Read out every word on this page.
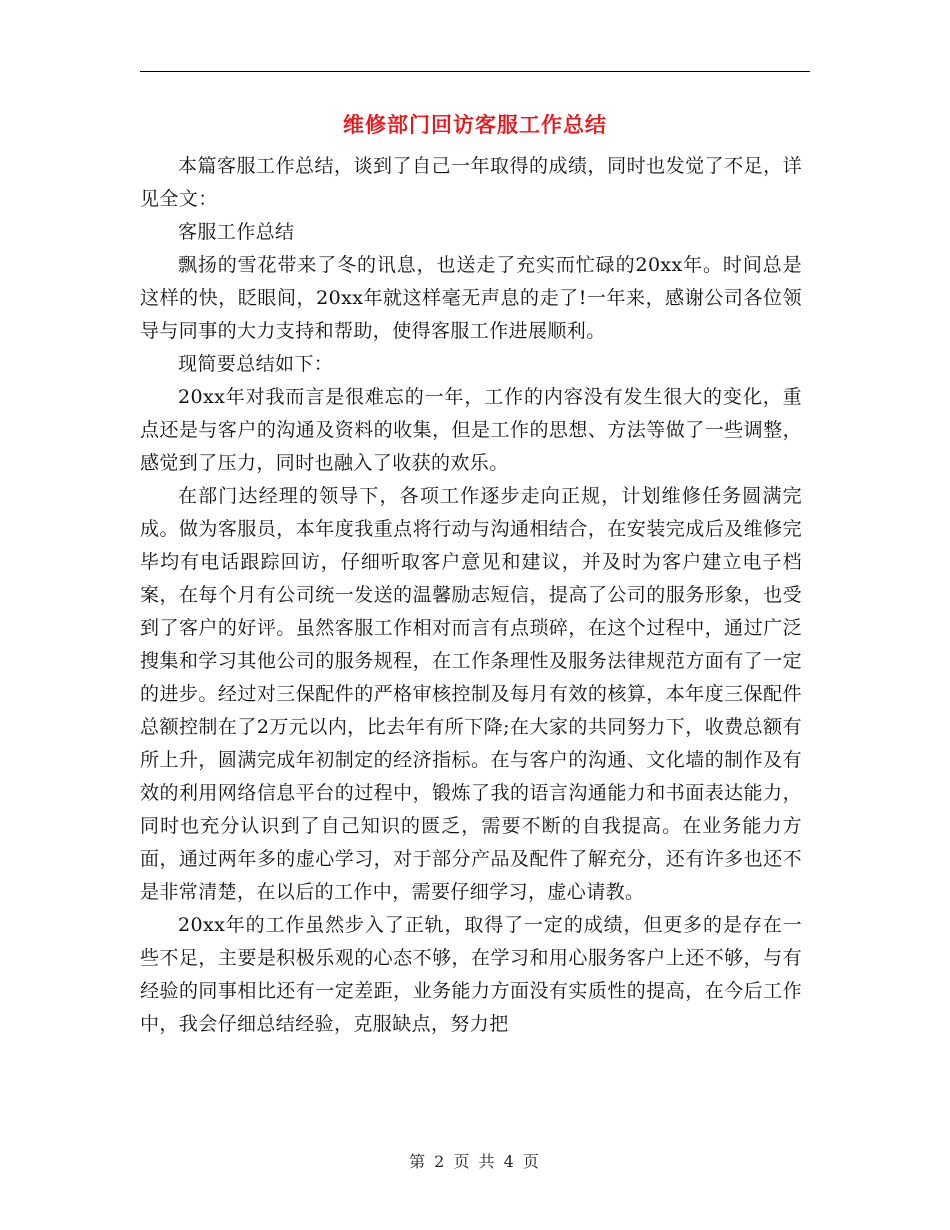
维修部门回访客服工作总结

本篇客服工作总结，谈到了自己一年取得的成绩，同时也发觉了不足，详见全文：

客服工作总结

飘扬的雪花带来了冬的讯息，也送走了充实而忙碌的20xx年。时间总是这样的快，眨眼间，20xx年就这样毫无声息的走了!一年来，感谢公司各位领导与同事的大力支持和帮助，使得客服工作进展顺利。

现简要总结如下：

20xx年对我而言是很难忘的一年，工作的内容没有发生很大的变化，重点还是与客户的沟通及资料的收集，但是工作的思想、方法等做了一些调整，感觉到了压力，同时也融入了收获的欢乐。

在部门达经理的领导下，各项工作逐步走向正规，计划维修任务圆满完成。做为客服员，本年度我重点将行动与沟通相结合，在安装完成后及维修完毕均有电话跟踪回访，仔细听取客户意见和建议，并及时为客户建立电子档案，在每个月有公司统一发送的温馨励志短信，提高了公司的服务形象，也受到了客户的好评。虽然客服工作相对而言有点琐碎，在这个过程中，通过广泛搜集和学习其他公司的服务规程，在工作条理性及服务法律规范方面有了一定的进步。经过对三保配件的严格审核控制及每月有效的核算，本年度三保配件总额控制在了2万元以内，比去年有所下降;在大家的共同努力下，收费总额有所上升，圆满完成年初制定的经济指标。在与客户的沟通、文化墙的制作及有效的利用网络信息平台的过程中，锻炼了我的语言沟通能力和书面表达能力，同时也充分认识到了自己知识的匮乏，需要不断的自我提高。在业务能力方面，通过两年多的虚心学习，对于部分产品及配件了解充分，还有许多也还不是非常清楚，在以后的工作中，需要仔细学习，虚心请教。

20xx年的工作虽然步入了正轨，取得了一定的成绩，但更多的是存在一些不足，主要是积极乐观的心态不够，在学习和用心服务客户上还不够，与有经验的同事相比还有一定差距，业务能力方面没有实质性的提高，在今后工作中，我会仔细总结经验，克服缺点，努力把

第 2 页 共 4 页
